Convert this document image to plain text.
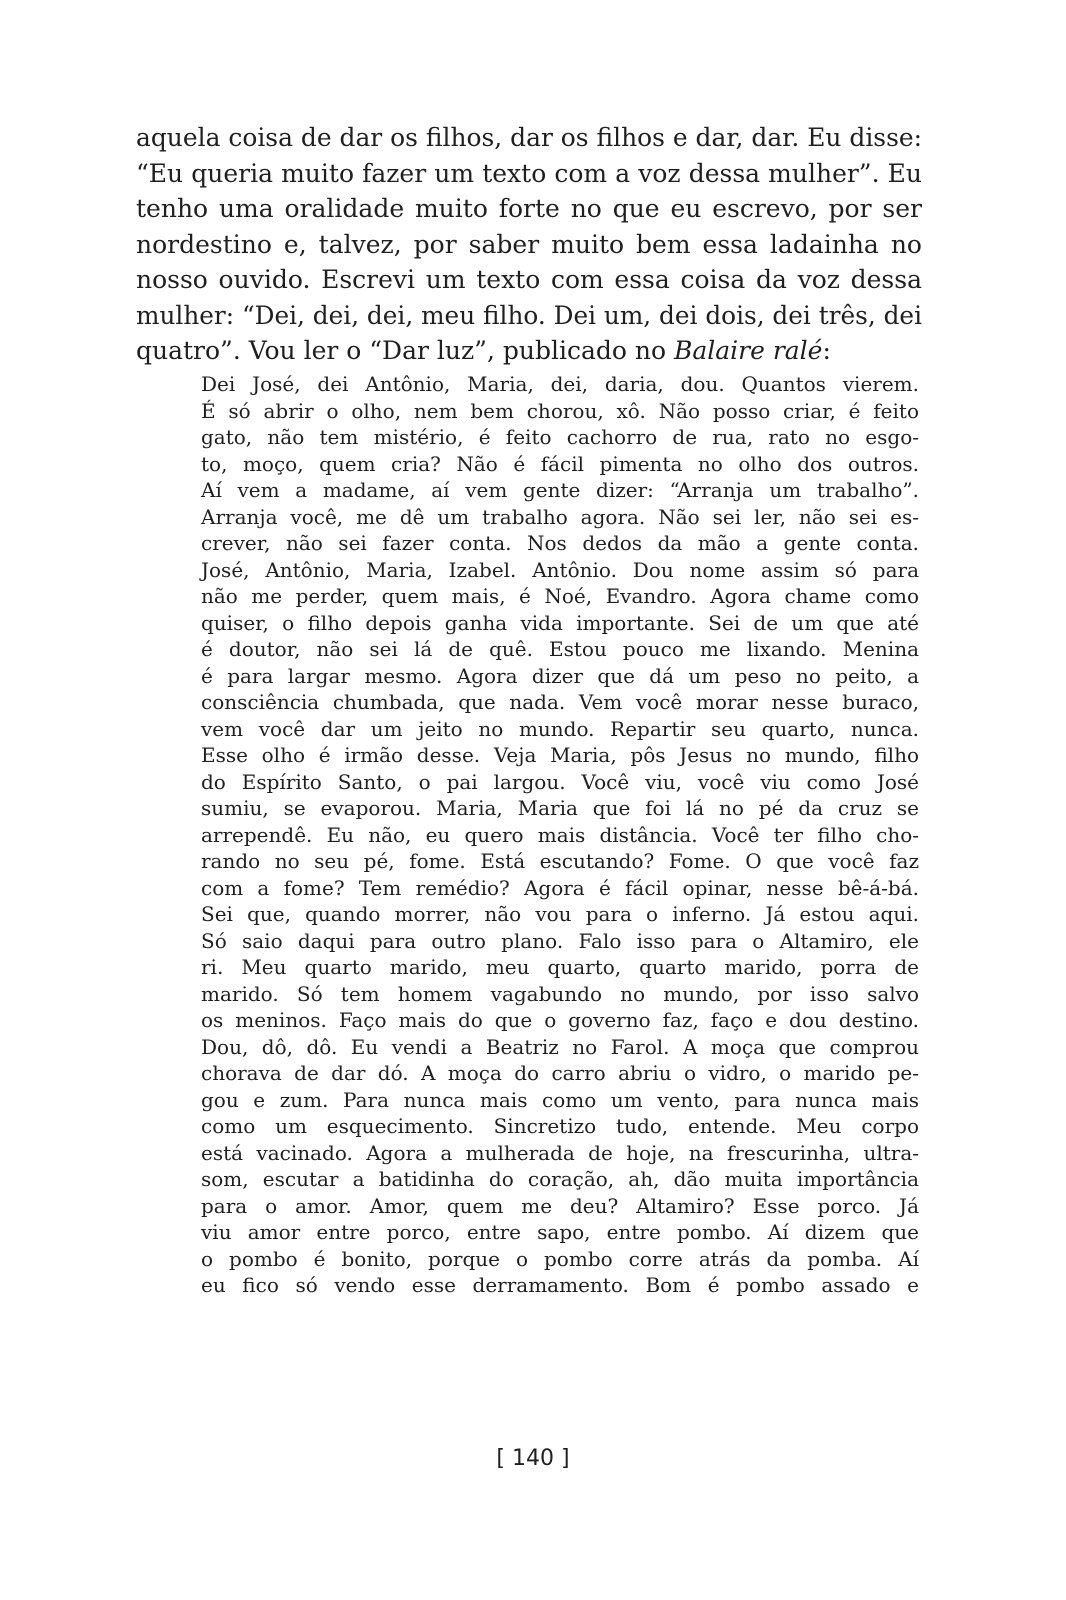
aquela coisa de dar os filhos, dar os filhos e dar, dar. Eu disse:
“Eu queria muito fazer um texto com a voz dessa mulher”. Eu
tenho uma oralidade muito forte no que eu escrevo, por ser
nordestino e, talvez, por saber muito bem essa ladainha no
nosso ouvido. Escrevi um texto com essa coisa da voz dessa
mulher: “Dei, dei, dei, meu filho. Dei um, dei dois, dei três, dei
quatro”. Vou ler o “Dar luz”, publicado no Balaire ralé:
Dei José, dei Antônio, Maria, dei, daria, dou. Quantos vierem.
É só abrir o olho, nem bem chorou, xô. Não posso criar, é feito
gato, não tem mistério, é feito cachorro de rua, rato no esgo-
to, moço, quem cria? Não é fácil pimenta no olho dos outros.
Aí vem a madame, aí vem gente dizer: “Arranja um trabalho”.
Arranja você, me dê um trabalho agora. Não sei ler, não sei es-
crever, não sei fazer conta. Nos dedos da mão a gente conta.
José, Antônio, Maria, Izabel. Antônio. Dou nome assim só para
não me perder, quem mais, é Noé, Evandro. Agora chame como
quiser, o filho depois ganha vida importante. Sei de um que até
é doutor, não sei lá de quê. Estou pouco me lixando. Menina
é para largar mesmo. Agora dizer que dá um peso no peito, a
consciência chumbada, que nada. Vem você morar nesse buraco,
vem você dar um jeito no mundo. Repartir seu quarto, nunca.
Esse olho é irmão desse. Veja Maria, pôs Jesus no mundo, filho
do Espírito Santo, o pai largou. Você viu, você viu como José
sumiu, se evaporou. Maria, Maria que foi lá no pé da cruz se
arrependê. Eu não, eu quero mais distância. Você ter filho cho-
rando no seu pé, fome. Está escutando? Fome. O que você faz
com a fome? Tem remédio? Agora é fácil opinar, nesse bê-á-bá.
Sei que, quando morrer, não vou para o inferno. Já estou aqui.
Só saio daqui para outro plano. Falo isso para o Altamiro, ele
ri. Meu quarto marido, meu quarto, quarto marido, porra de
marido. Só tem homem vagabundo no mundo, por isso salvo
os meninos. Faço mais do que o governo faz, faço e dou destino.
Dou, dô, dô. Eu vendi a Beatriz no Farol. A moça que comprou
chorava de dar dó. A moça do carro abriu o vidro, o marido pe-
gou e zum. Para nunca mais como um vento, para nunca mais
como um esquecimento. Sincretizo tudo, entende. Meu corpo
está vacinado. Agora a mulherada de hoje, na frescurinha, ultra-
som, escutar a batidinha do coração, ah, dão muita importância
para o amor. Amor, quem me deu? Altamiro? Esse porco. Já
viu amor entre porco, entre sapo, entre pombo. Aí dizem que
o pombo é bonito, porque o pombo corre atrás da pomba. Aí
eu fico só vendo esse derramamento. Bom é pombo assado e
[ 140 ]
